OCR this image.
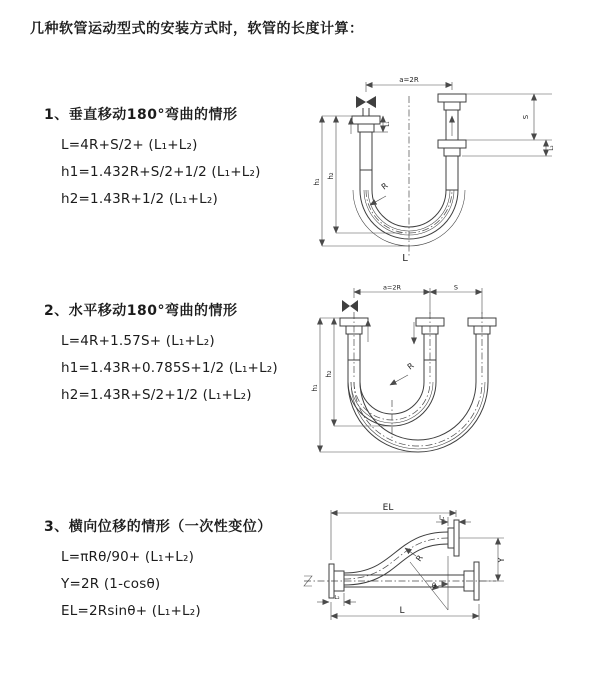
几种软管运动型式的安装方式时，软管的长度计算：
1、垂直移动180°弯曲的情形
L=4R+S/2+ (L₁+L₂)
h1=1.432R+S/2+1/2 (L₁+L₂)
h2=1.43R+1/2 (L₁+L₂)
a=2R
h₁
h₂
L₁
S
L₂
R
L
2、水平移动180°弯曲的情形
L=4R+1.57S+ (L₁+L₂)
h1=1.43R+0.785S+1/2 (L₁+L₂)
h2=1.43R+S/2+1/2 (L₁+L₂)
a=2R	S
h₁
h₂
R
3、横向位移的情形（一次性变位）
L=πRθ/90+ (L₁+L₂)
Y=2R (1-cosθ)
EL=2Rsinθ+ (L₁+L₂)
EL
L₁
Y
θ
L
L₂
R
